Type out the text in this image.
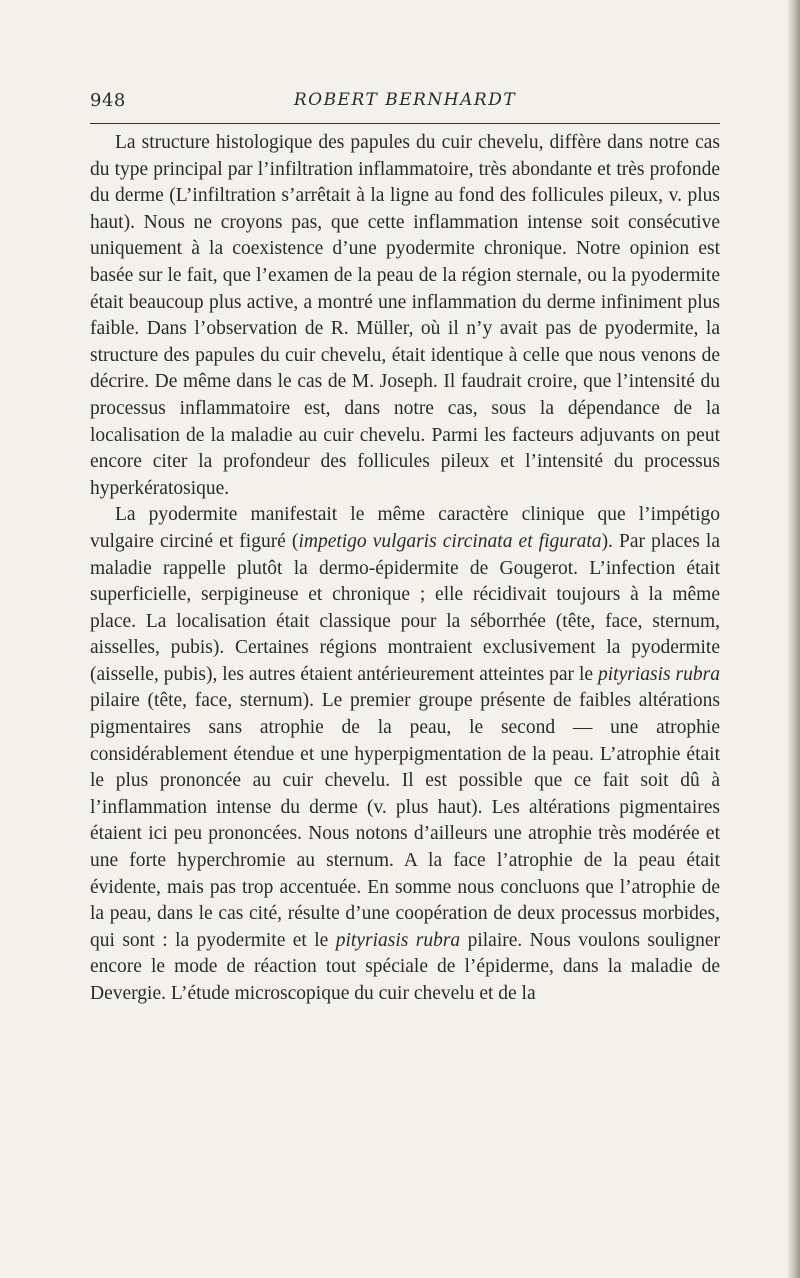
948	ROBERT BERNHARDT

La structure histologique des papules du cuir chevelu, diffère dans notre cas du type principal par l’infiltration inflammatoire, très abondante et très profonde du derme (L’infiltration s’arrêtait à la ligne au fond des follicules pileux, v. plus haut). Nous ne croyons pas, que cette inflammation intense soit consécutive uniquement à la coexistence d’une pyodermite chronique. Notre opinion est basée sur le fait, que l’examen de la peau de la région sternale, ou la pyodermite était beaucoup plus active, a montré une inflammation du derme infiniment plus faible. Dans l’observation de R. Müller, où il n’y avait pas de pyodermite, la structure des papules du cuir chevelu, était identique à celle que nous venons de décrire. De même dans le cas de M. Joseph. Il faudrait croire, que l’intensité du processus inflammatoire est, dans notre cas, sous la dépendance de la localisation de la maladie au cuir chevelu. Parmi les facteurs adjuvants on peut encore citer la profondeur des follicules pileux et l’intensité du processus hyperkératosique.

La pyodermite manifestait le même caractère clinique que l’impétigo vulgaire circiné et figuré (impetigo vulgaris circinata et figurata). Par places la maladie rappelle plutôt la dermo-épidermite de Gougerot. L’infection était superficielle, serpigineuse et chronique ; elle récidivait toujours à la même place. La localisation était classique pour la séborrhée (tête, face, sternum, aisselles, pubis). Certaines régions montraient exclusivement la pyodermite (aisselle, pubis), les autres étaient antérieurement atteintes par le pityriasis rubra pilaire (tête, face, sternum). Le premier groupe présente de faibles altérations pigmentaires sans atrophie de la peau, le second — une atrophie considérablement étendue et une hyperpigmentation de la peau. L’atrophie était le plus prononcée au cuir chevelu. Il est possible que ce fait soit dû à l’inflammation intense du derme (v. plus haut). Les altérations pigmentaires étaient ici peu prononcées. Nous notons d’ailleurs une atrophie très modérée et une forte hyperchromie au sternum. A la face l’atrophie de la peau était évidente, mais pas trop accentuée. En somme nous concluons que l’atrophie de la peau, dans le cas cité, résulte d’une coopération de deux processus morbides, qui sont : la pyodermite et le pityriasis rubra pilaire. Nous voulons souligner encore le mode de réaction tout spéciale de l’épiderme, dans la maladie de Devergie. L’étude microscopique du cuir chevelu et de la
